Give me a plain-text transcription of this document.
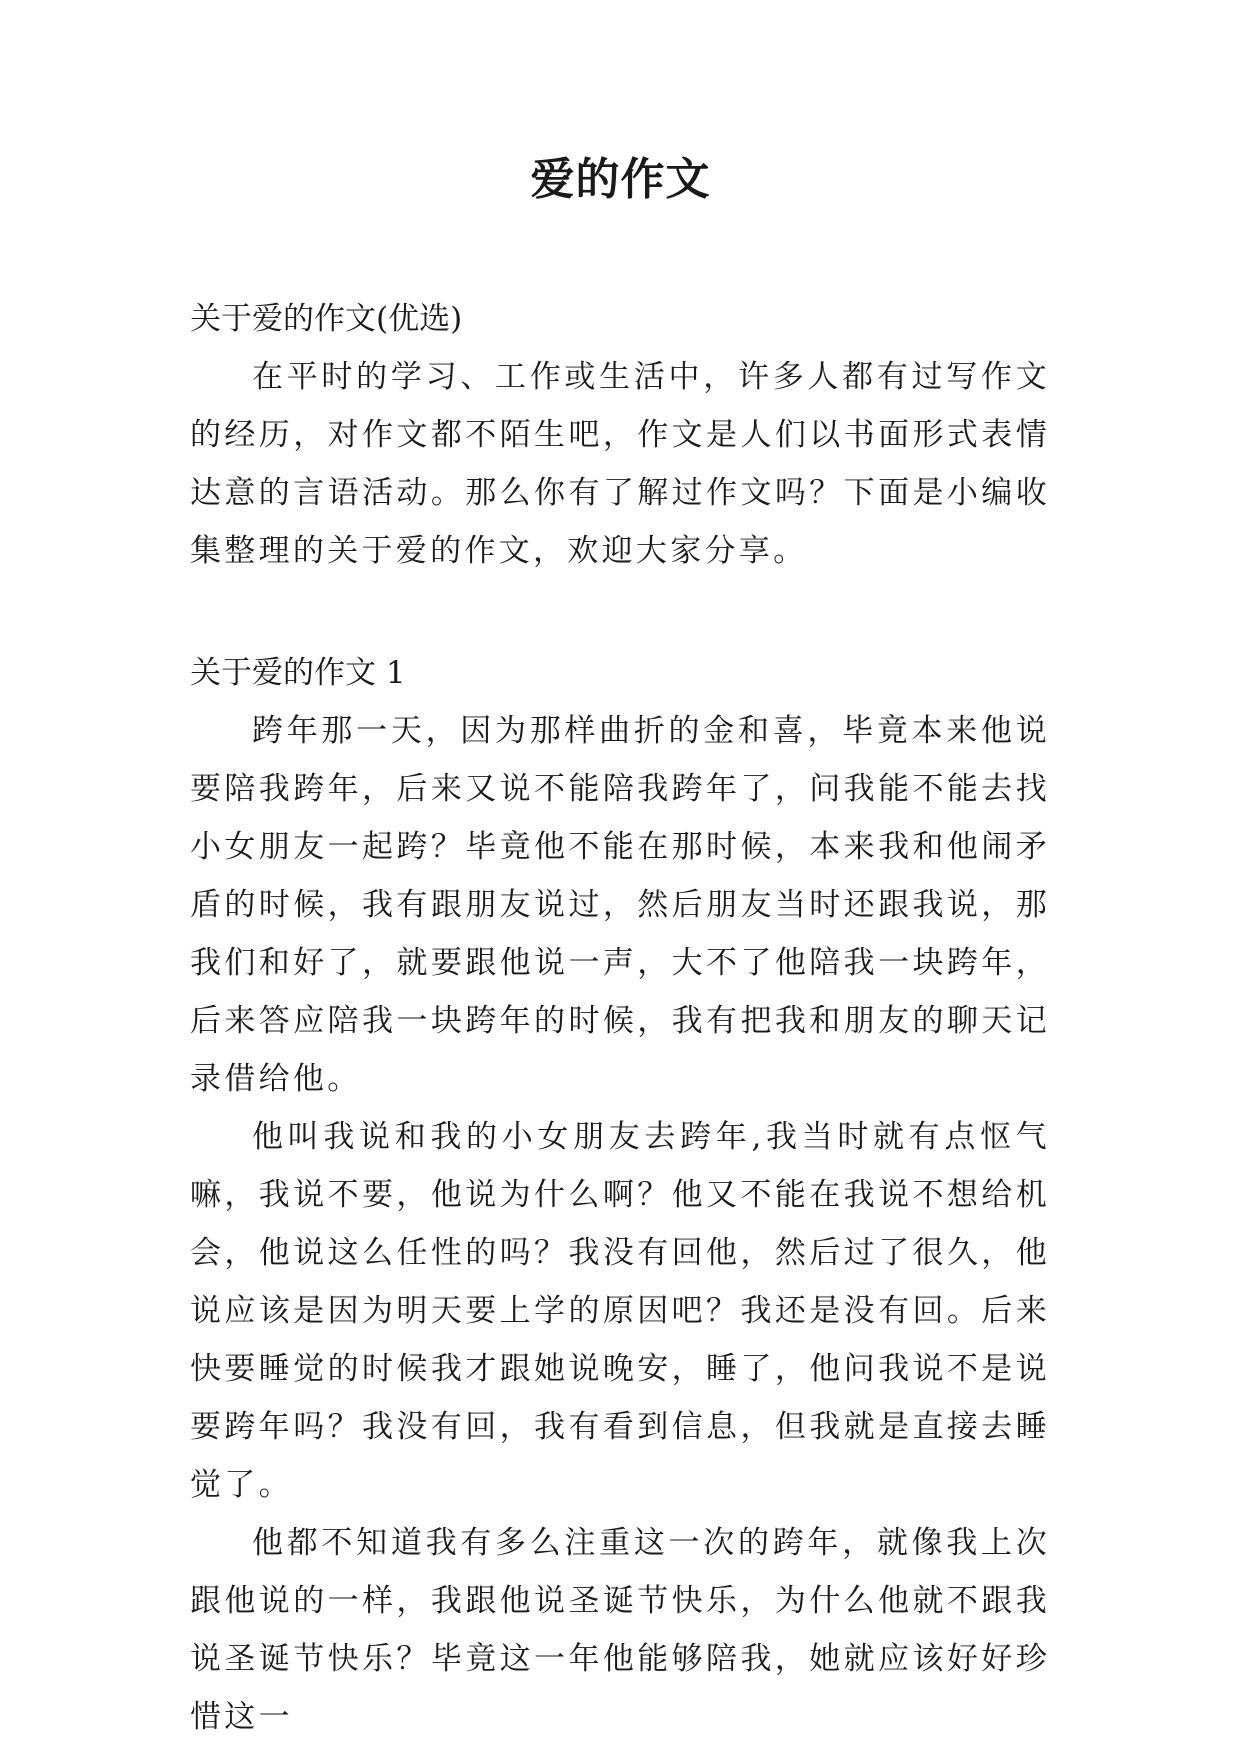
爱的作文
关于爱的作文(优选)

在平时的学习、工作或生活中，许多人都有过写作文的经历，对作文都不陌生吧，作文是人们以书面形式表情达意的言语活动。那么你有了解过作文吗？下面是小编收集整理的关于爱的作文，欢迎大家分享。

关于爱的作文 1

跨年那一天，因为那样曲折的金和喜，毕竟本来他说要陪我跨年，后来又说不能陪我跨年了，问我能不能去找小女朋友一起跨？毕竟他不能在那时候，本来我和他闹矛盾的时候，我有跟朋友说过，然后朋友当时还跟我说，那我们和好了，就要跟他说一声，大不了他陪我一块跨年，后来答应陪我一块跨年的时候，我有把我和朋友的聊天记录借给他。

他叫我说和我的小女朋友去跨年,我当时就有点怄气嘛，我说不要，他说为什么啊？他又不能在我说不想给机会，他说这么任性的吗？我没有回他，然后过了很久，他说应该是因为明天要上学的原因吧？我还是没有回。后来快要睡觉的时候我才跟她说晚安，睡了，他问我说不是说要跨年吗？我没有回，我有看到信息，但我就是直接去睡觉了。

他都不知道我有多么注重这一次的跨年，就像我上次跟他说的一样，我跟他说圣诞节快乐，为什么他就不跟我说圣诞节快乐？毕竟这一年他能够陪我，她就应该好好珍惜这一
